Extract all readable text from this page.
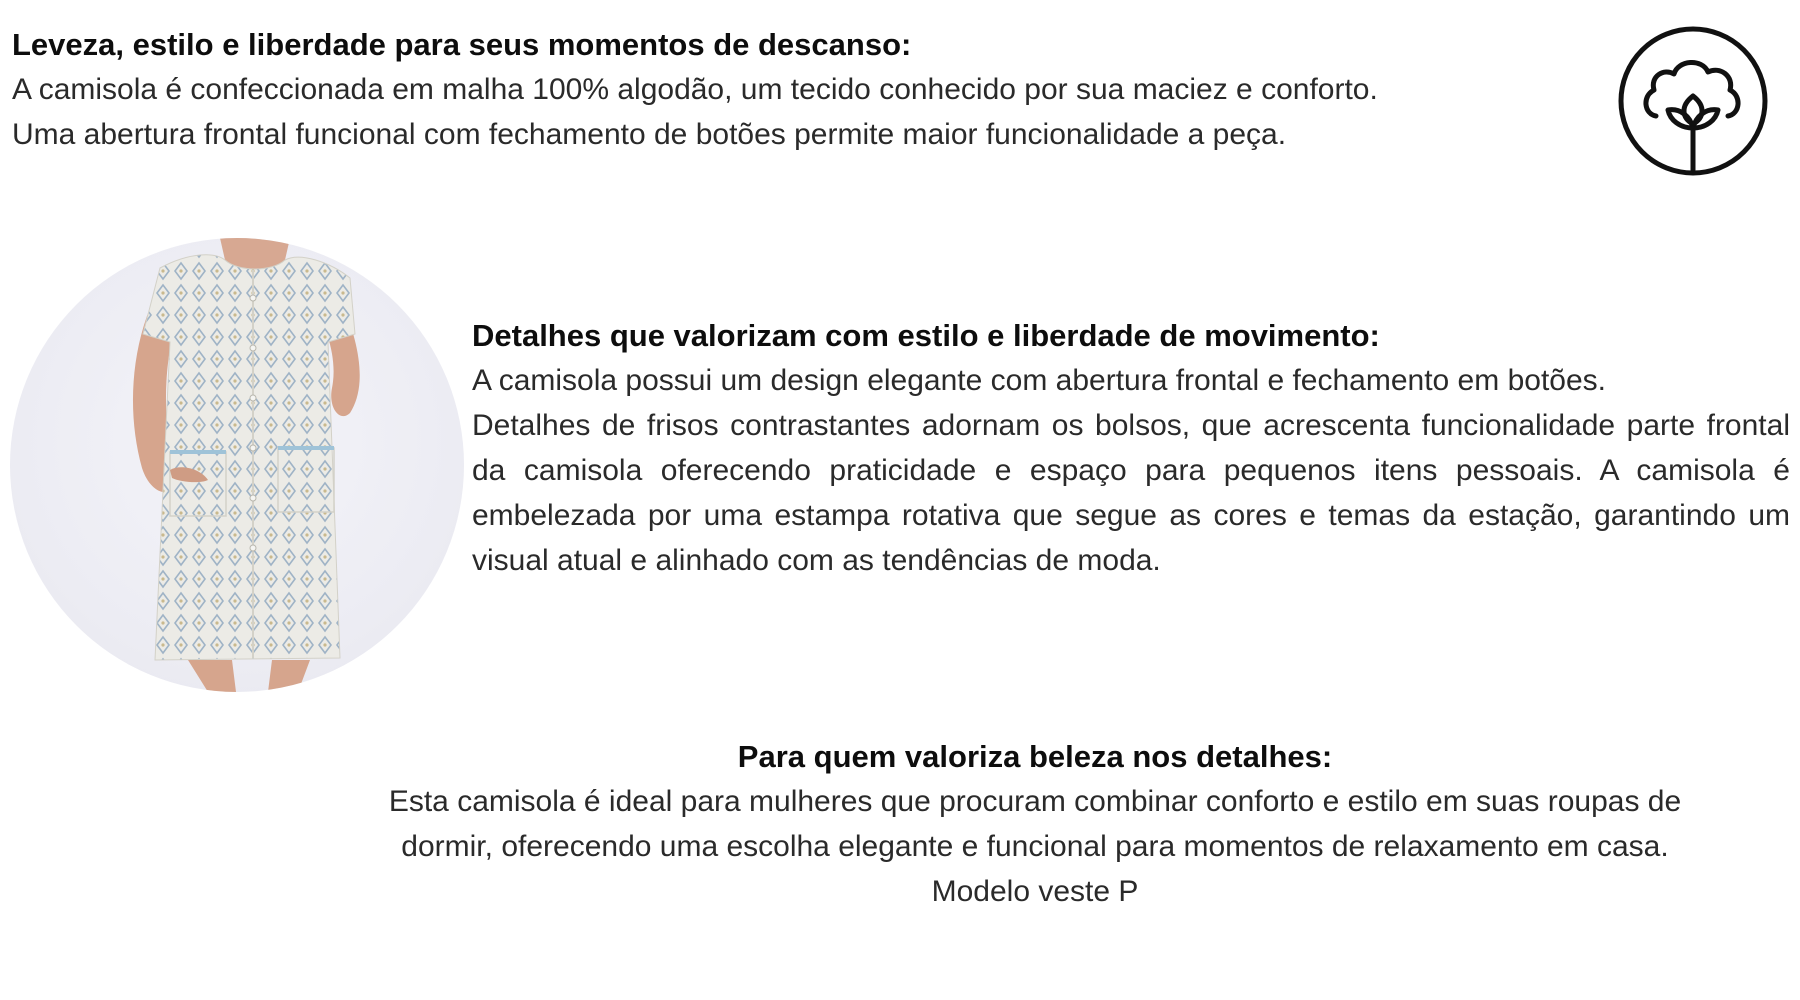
Leveza, estilo e liberdade para seus momentos de descanso:

A camisola é confeccionada em malha 100% algodão, um tecido conhecido por sua maciez e conforto.

Uma abertura frontal funcional com fechamento de botões permite maior funcionalidade a peça.

Detalhes que valorizam com estilo e liberdade de movimento:

A camisola possui um design elegante com abertura frontal e fechamento em botões.

Detalhes de frisos contrastantes adornam os bolsos, que acrescenta funcionalidade parte frontal da camisola oferecendo praticidade e espaço para pequenos itens pessoais. A camisola é embelezada por uma estampa rotativa que segue as cores e temas da estação, garantindo um visual atual e alinhado com as tendências de moda.

Para quem valoriza beleza nos detalhes:

Esta camisola é ideal para mulheres que procuram combinar conforto e estilo em suas roupas de

dormir, oferecendo uma escolha elegante e funcional para momentos de relaxamento em casa.

Modelo veste P
